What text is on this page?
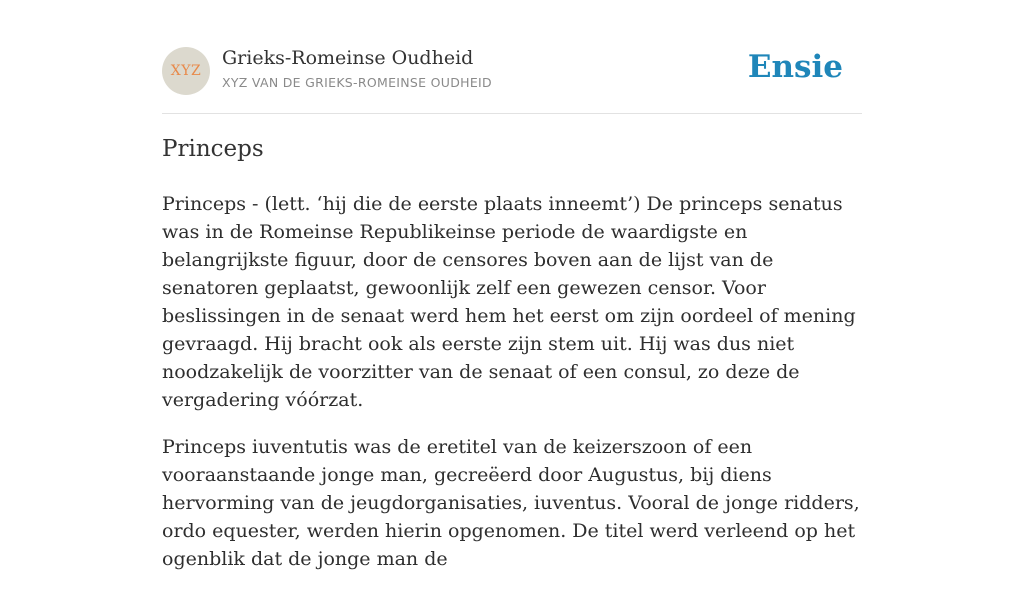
XYZ
Grieks-Romeinse Oudheid
XYZ VAN DE GRIEKS-ROMEINSE OUDHEID	Ensie
Princeps

Princeps - (lett. ‘hij die de eerste plaats inneemt’) De princeps senatus was in de Romeinse Republikeinse periode de waardigste en belangrijkste figuur, door de censores boven aan de lijst van de senatoren geplaatst, gewoonlijk zelf een gewezen censor. Voor beslissingen in de senaat werd hem het eerst om zijn oordeel of mening gevraagd. Hij bracht ook als eerste zijn stem uit. Hij was dus niet noodzakelijk de voorzitter van de senaat of een consul, zo deze de vergadering vóórzat.

Princeps iuventutis was de eretitel van de keizerszoon of een vooraanstaande jonge man, gecreëerd door Augustus, bij diens hervorming van de jeugdorganisaties, iuventus. Vooral de jonge ridders, ordo equester, werden hierin opgenomen. De titel werd verleend op het ogenblik dat de jonge man de
